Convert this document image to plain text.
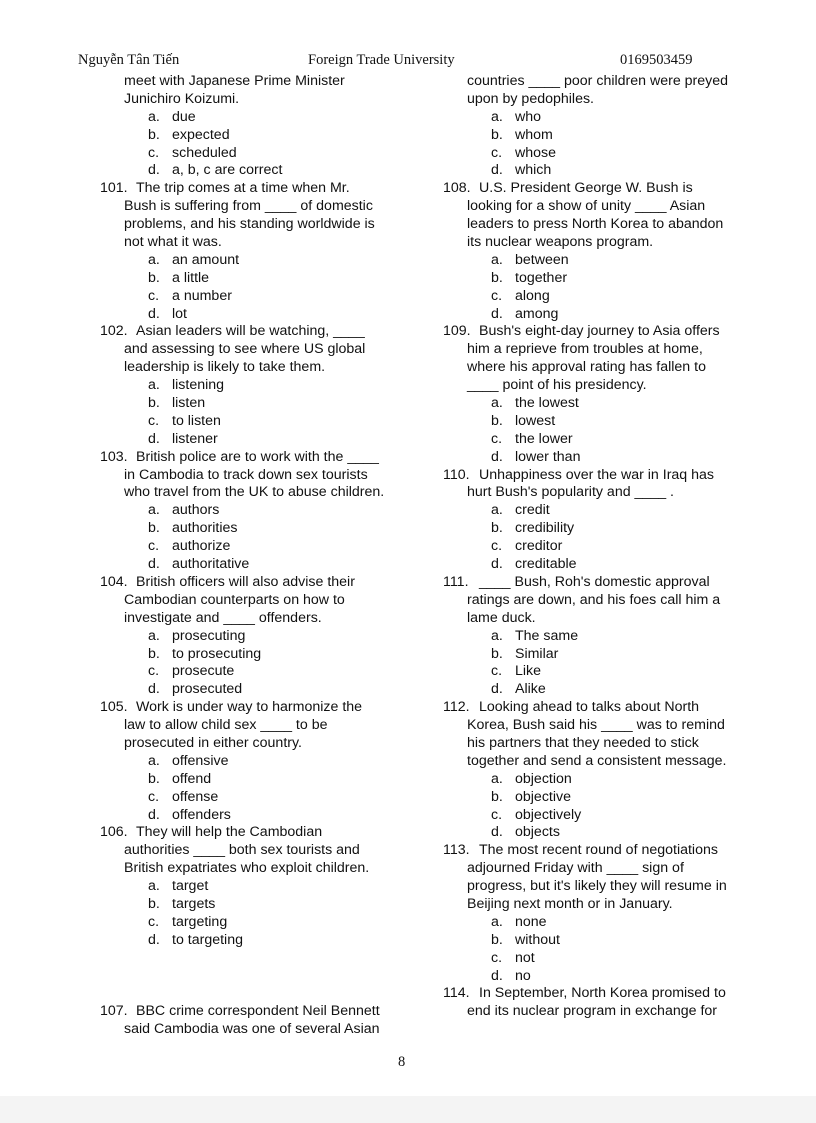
Nguyễn Tân Tiến	Foreign Trade University	0169503459
meet with Japanese Prime Minister
Junichiro Koizumi.
a. due
b. expected
c. scheduled
d. a, b, c are correct
101. The trip comes at a time when Mr.
Bush is suffering from ____ of domestic
problems, and his standing worldwide is
not what it was.
a. an amount
b. a little
c. a number
d. lot
102. Asian leaders will be watching, ____
and assessing to see where US global
leadership is likely to take them.
a. listening
b. listen
c. to listen
d. listener
103. British police are to work with the ____
in Cambodia to track down sex tourists
who travel from the UK to abuse children.
a. authors
b. authorities
c. authorize
d. authoritative
104. British officers will also advise their
Cambodian counterparts on how to
investigate and ____ offenders.
a. prosecuting
b. to prosecuting
c. prosecute
d. prosecuted
105. Work is under way to harmonize the
law to allow child sex ____ to be
prosecuted in either country.
a. offensive
b. offend
c. offense
d. offenders
106. They will help the Cambodian
authorities ____ both sex tourists and
British expatriates who exploit children.
a. target
b. targets
c. targeting
d. to targeting
107. BBC crime correspondent Neil Bennett
said Cambodia was one of several Asian
countries ____ poor children were preyed
upon by pedophiles.
a. who
b. whom
c. whose
d. which
108. U.S. President George W. Bush is
looking for a show of unity ____ Asian
leaders to press North Korea to abandon
its nuclear weapons program.
a. between
b. together
c. along
d. among
109. Bush's eight-day journey to Asia offers
him a reprieve from troubles at home,
where his approval rating has fallen to
____ point of his presidency.
a. the lowest
b. lowest
c. the lower
d. lower than
110. Unhappiness over the war in Iraq has
hurt Bush's popularity and ____ .
a. credit
b. credibility
c. creditor
d. creditable
111. ____ Bush, Roh's domestic approval
ratings are down, and his foes call him a
lame duck.
a. The same
b. Similar
c. Like
d. Alike
112. Looking ahead to talks about North
Korea, Bush said his ____ was to remind
his partners that they needed to stick
together and send a consistent message.
a. objection
b. objective
c. objectively
d. objects
113. The most recent round of negotiations
adjourned Friday with ____ sign of
progress, but it's likely they will resume in
Beijing next month or in January.
a. none
b. without
c. not
d. no
114. In September, North Korea promised to
end its nuclear program in exchange for
8
